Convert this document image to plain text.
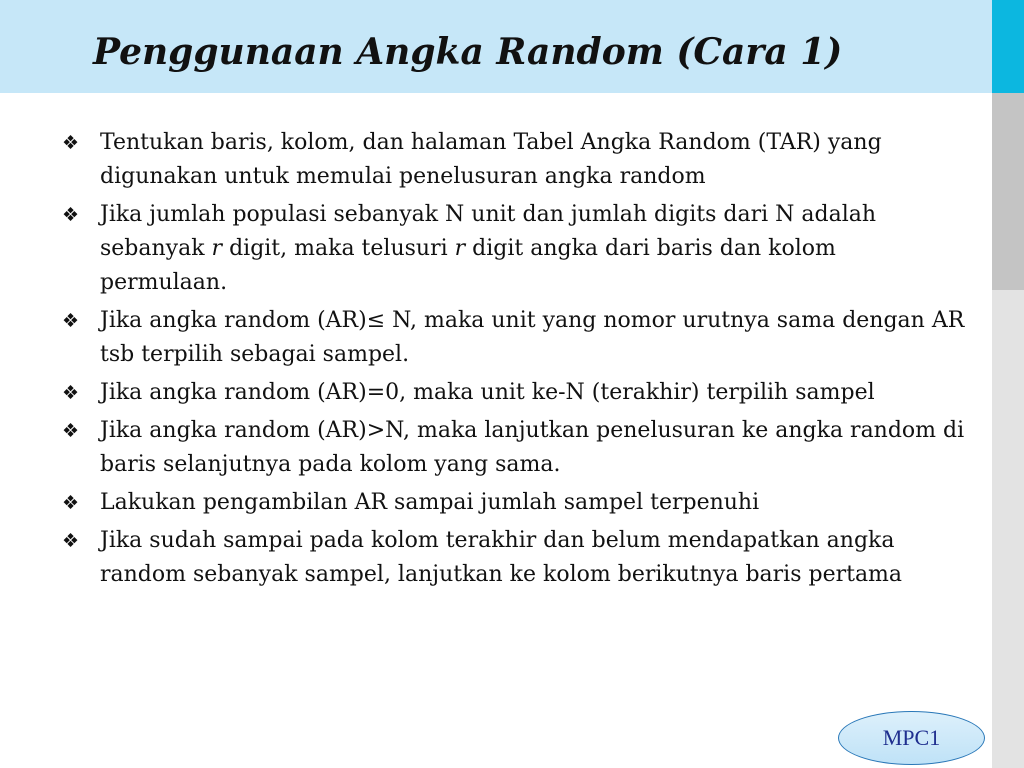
Penggunaan Angka Random (Cara 1)
❖ Tentukan baris, kolom, dan halaman Tabel Angka Random (TAR) yang digunakan untuk memulai penelusuran angka random
❖ Jika jumlah populasi sebanyak N unit dan jumlah digits dari N adalah sebanyak r digit, maka telusuri r digit angka dari baris dan kolom permulaan.
❖ Jika angka random (AR)≤ N, maka unit yang nomor urutnya sama dengan AR tsb terpilih sebagai sampel.
❖ Jika angka random (AR)=0, maka unit ke-N (terakhir) terpilih sampel
❖ Jika angka random (AR)>N, maka lanjutkan penelusuran ke angka random di baris selanjutnya pada kolom yang sama.
❖ Lakukan pengambilan AR sampai jumlah sampel terpenuhi
❖ Jika sudah sampai pada kolom terakhir dan belum mendapatkan angka random sebanyak sampel, lanjutkan ke kolom berikutnya baris pertama
MPC1
